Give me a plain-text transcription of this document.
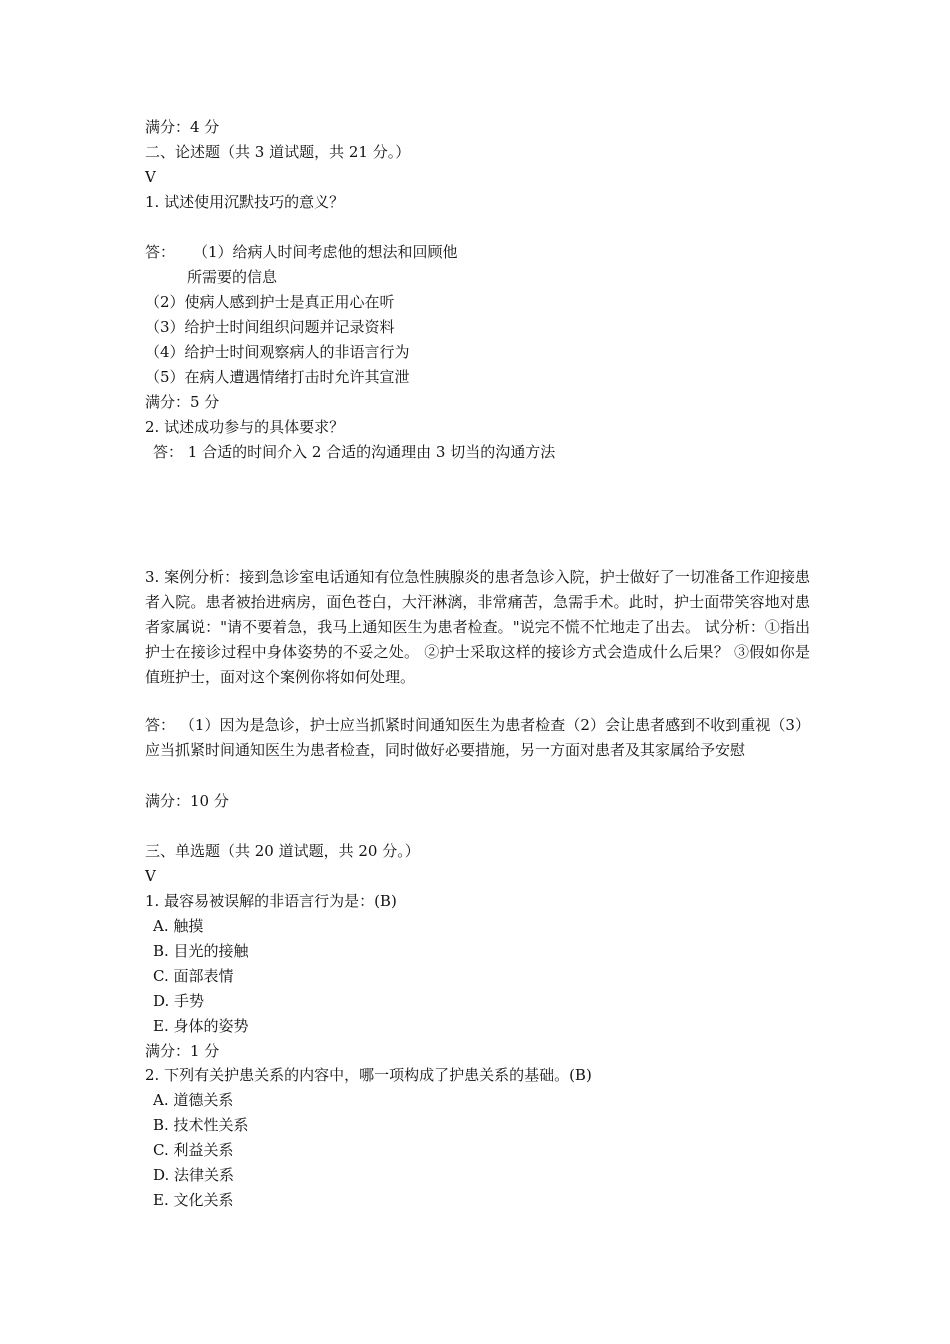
满分：4 分
二、论述题（共 3 道试题，共 21 分。）
V
1. 试述使用沉默技巧的意义？
答： （1）给病人时间考虑他的想法和回顾他
所需要的信息
（2）使病人感到护士是真正用心在听
（3）给护士时间组织问题并记录资料
（4）给护士时间观察病人的非语言行为
（5）在病人遭遇情绪打击时允许其宣泄
满分：5 分
2. 试述成功参与的具体要求？
答： 1 合适的时间介入 2 合适的沟通理由 3 切当的沟通方法
3. 案例分析：接到急诊室电话通知有位急性胰腺炎的患者急诊入院，护士做好了一切准备工作迎接患者入院。患者被抬进病房，面色苍白，大汗淋漓，非常痛苦，急需手术。此时，护士面带笑容地对患者家属说："请不要着急，我马上通知医生为患者检查。"说完不慌不忙地走了出去。 试分析：①指出护士在接诊过程中身体姿势的不妥之处。 ②护士采取这样的接诊方式会造成什么后果？ ③假如你是值班护士，面对这个案例你将如何处理。
答： （1）因为是急诊，护士应当抓紧时间通知医生为患者检查（2）会让患者感到不收到重视（3）应当抓紧时间通知医生为患者检查，同时做好必要措施，另一方面对患者及其家属给予安慰
满分：10 分
三、单选题（共 20 道试题，共 20 分。）
V
1. 最容易被误解的非语言行为是：(B)
A. 触摸
B. 目光的接触
C. 面部表情
D. 手势
E. 身体的姿势
满分：1 分
2. 下列有关护患关系的内容中，哪一项构成了护患关系的基础。(B)
A. 道德关系
B. 技术性关系
C. 利益关系
D. 法律关系
E. 文化关系
